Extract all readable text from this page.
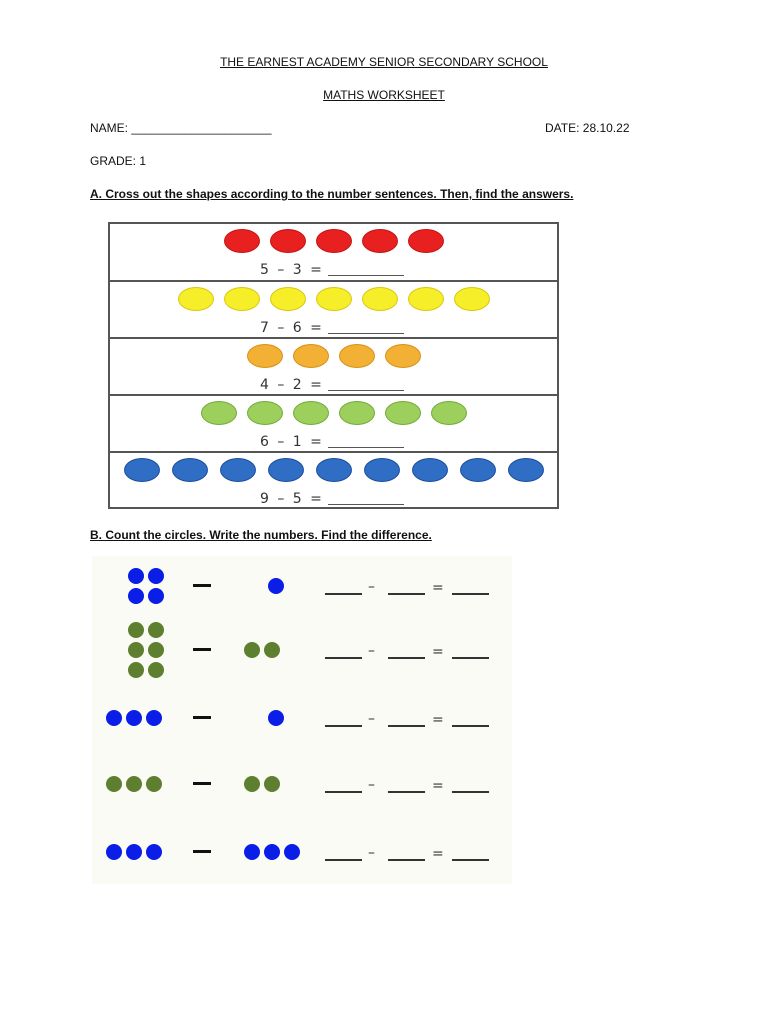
THE EARNEST ACADEMY SENIOR SECONDARY SCHOOL
MATHS WORKSHEET
NAME: _____________________	DATE: 28.10.22
GRADE: 1
A. Cross out the shapes according to the number sentences. Then, find the answers.
5 – 3 =
7 – 6 =
4 – 2 =
6 – 1 =
9 – 5 =
B. Count the circles. Write the numbers. Find the difference.
–	=
–	=
–	=
–	=
–	=
